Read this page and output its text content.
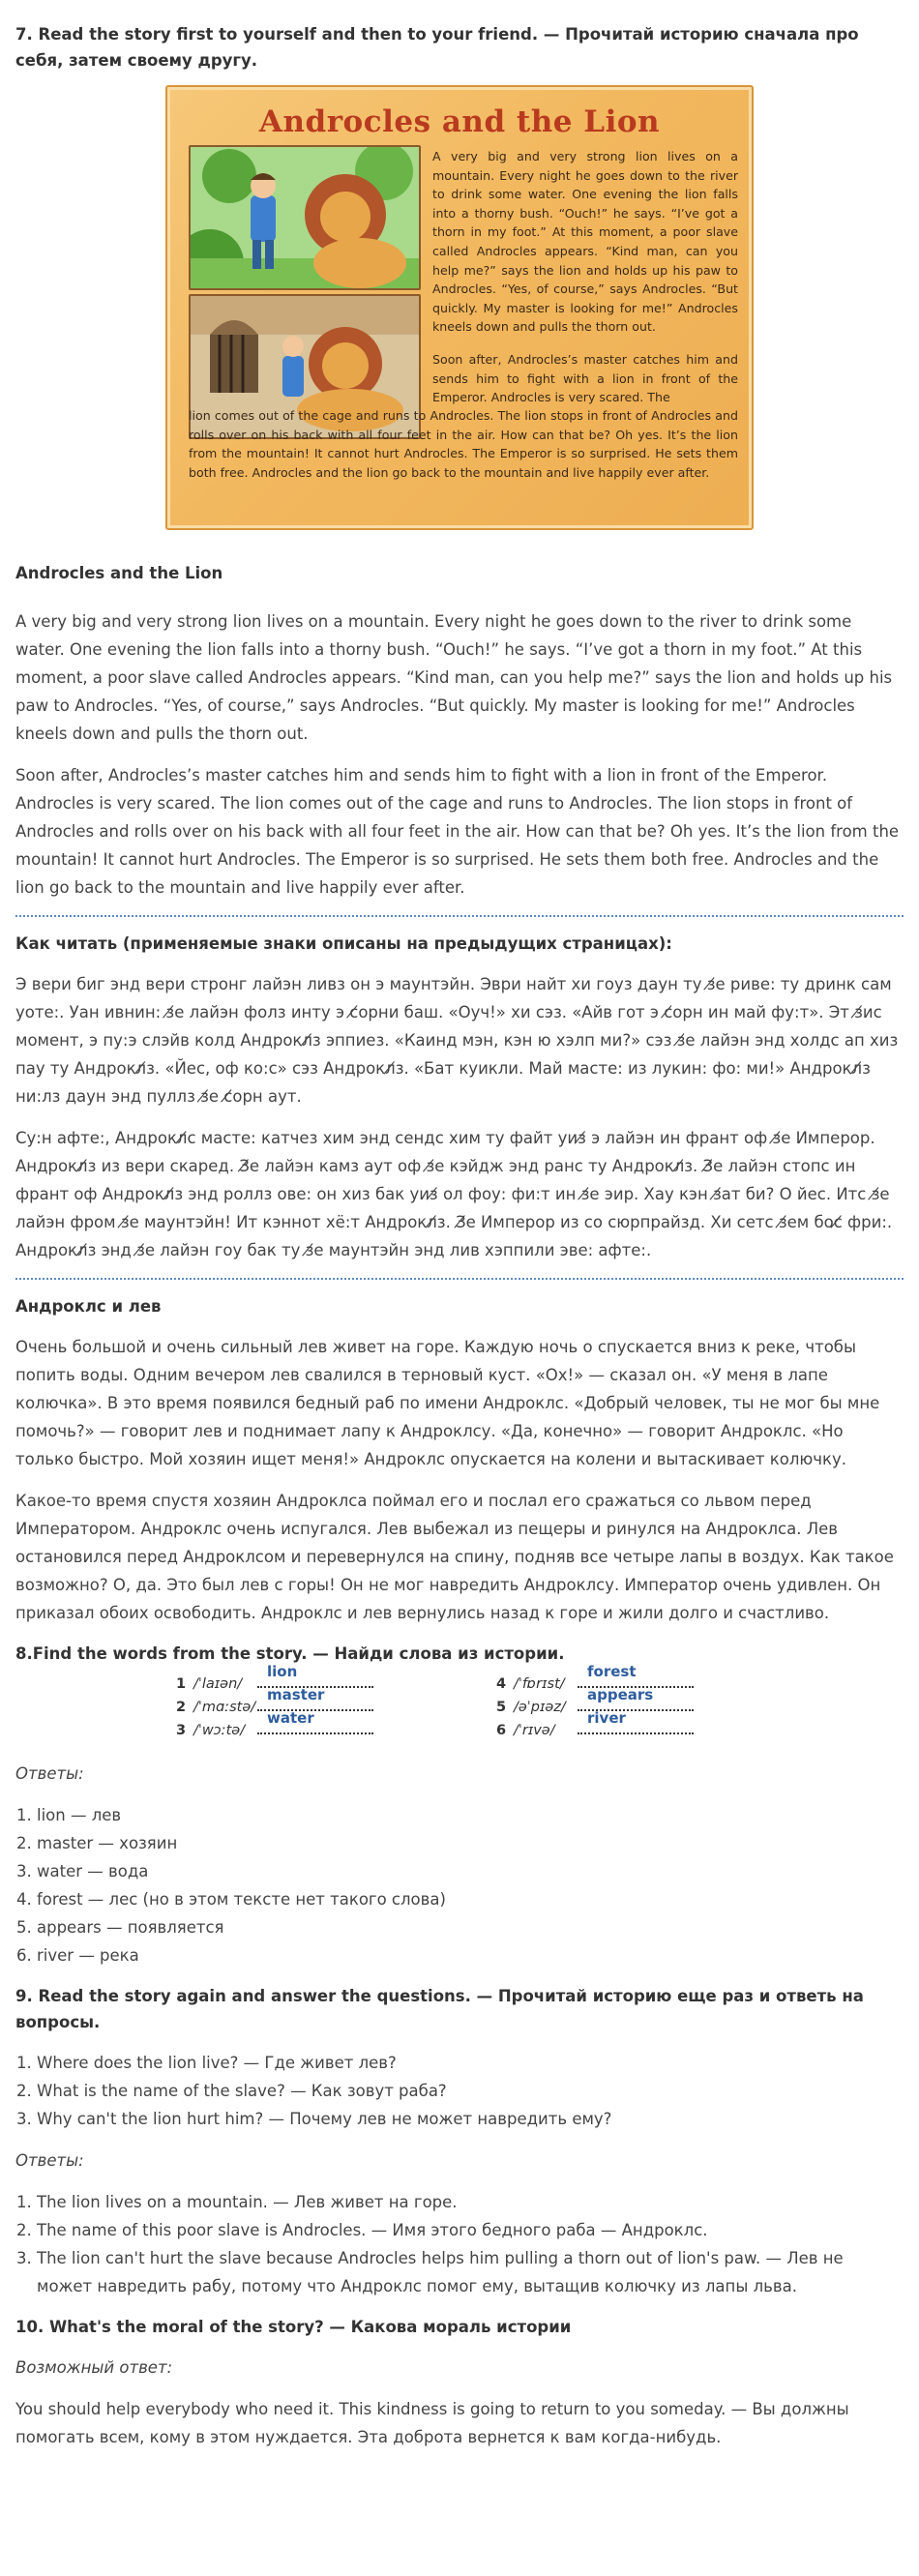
7. Read the story first to yourself and then to your friend. — Прочитай историю сначала про себя, затем своему другу.

Androcles and the Lion
A very big and very strong lion lives on a mountain. Every night he goes down to the river to drink some water. One evening the lion falls into a thorny bush. “Ouch!” he says. “I’ve got a thorn in my foot.” At this moment, a poor slave called Androcles appears. “Kind man, can you help me?” says the lion and holds up his paw to Androcles. “Yes, of course,” says Androcles. “But quickly. My master is looking for me!” Androcles kneels down and pulls the thorn out.
Soon after, Androcles’s master catches him and sends him to fight with a lion in front of the Emperor. Androcles is very scared. The
lion comes out of the cage and runs to Androcles. The lion stops in front of Androcles and rolls over on his back with all four feet in the air. How can that be? Oh yes. It’s the lion from the mountain! It cannot hurt Androcles. The Emperor is so surprised. He sets them both free. Androcles and the lion go back to the mountain and live happily ever after.

Androcles and the Lion

A very big and very strong lion lives on a mountain. Every night he goes down to the river to drink some water. One evening the lion falls into a thorny bush. “Ouch!” he says. “I’ve got a thorn in my foot.” At this moment, a poor slave called Androcles appears. “Kind man, can you help me?” says the lion and holds up his paw to Androcles. “Yes, of course,” says Androcles. “But quickly. My master is looking for me!” Androcles kneels down and pulls the thorn out.

Soon after, Androcles’s master catches him and sends him to fight with a lion in front of the Emperor. Androcles is very scared. The lion comes out of the cage and runs to Androcles. The lion stops in front of Androcles and rolls over on his back with all four feet in the air. How can that be? Oh yes. It’s the lion from the mountain! It cannot hurt Androcles. The Emperor is so surprised. He sets them both free. Androcles and the lion go back to the mountain and live happily ever after.

Как читать (применяемые знаки описаны на предыдущих страницах):

Э вери биг энд вери стронг лайэн ливз он э маунтэйн. Эври найт хи гоуз даун ту з̸е риве: ту дринк сам уоте:. Уан ивнин: з̸е лайэн фолз инту э с̸орни баш. «Оуч!» хи сэз. «Айв гот э с̸орн ин май фу:т». Эт з̸ис момент, э пу:э слэйв колд Андрокл̸з эппиез. «Каинд мэн, кэн ю хэлп ми?» сэз з̸е лайэн энд холдс ап хиз пау ту Андрокл̸з. «Йес, оф ко:с» сэз Андрокл̸з. «Бат куикли. Май масте: из лукин: фо: ми!» Андрокл̸з ни:лз даун энд пуллз з̸е с̸орн аут.

Су:н афте:, Андрокл̸с масте: катчез хим энд сендс хим ту файт уиз̸ э лайэн ин франт оф з̸е Имперор. Андрокл̸з из вери скаред. З̸е лайэн камз аут оф з̸е кэйдж энд ранс ту Андрокл̸з. З̸е лайэн стопс ин франт оф Андрокл̸з энд роллз ове: он хиз бак уиз̸ ол фоу: фи:т ин з̸е эир. Хау кэн з̸ат би? О йес. Итс з̸е лайэн фром з̸е маунтэйн! Ит кэннот хё:т Андрокл̸з. З̸е Имперор из со сюрпрайзд. Хи сетс з̸ем бос̸ фри:. Андрокл̸з энд з̸е лайэн гоу бак ту з̸е маунтэйн энд лив хэппили эве: афте:.

Андроклс и лев

Очень большой и очень сильный лев живет на горе. Каждую ночь о спускается вниз к реке, чтобы попить воды. Одним вечером лев свалился в терновый куст. «Ох!» — сказал он. «У меня в лапе колючка». В это время появился бедный раб по имени Андроклс. «Добрый человек, ты не мог бы мне помочь?» — говорит лев и поднимает лапу к Андроклсу. «Да, конечно» — говорит Андроклс. «Но только быстро. Мой хозяин ищет меня!» Андроклс опускается на колени и вытаскивает колючку.

Какое-то время спустя хозяин Андроклса поймал его и послал его сражаться со львом перед Императором. Андроклс очень испугался. Лев выбежал из пещеры и ринулся на Андроклса. Лев остановился перед Андроклсом и перевернулся на спину, подняв все четыре лапы в воздух. Как такое возможно? О, да. Это был лев с горы! Он не мог навредить Андроклсу. Император очень удивлен. Он приказал обоих освободить. Андроклс и лев вернулись назад к горе и жили долго и счастливо.

8.Find the words from the story. — Найди слова из истории.

1 /ˈlaɪən/
lion
2 /ˈmɑːstə/
master
3 /ˈwɔːtə/
water
4 /ˈfɒrɪst/
forest
5 /əˈpɪəz/
appears
6 /ˈrɪvə/
river

Ответы:

1. lion — лев
2. master — хозяин
3. water — вода
4. forest — лес (но в этом тексте нет такого слова)
5. appears — появляется
6. river — река

9. Read the story again and answer the questions. — Прочитай историю еще раз и ответь на вопросы.

1. Where does the lion live? — Где живет лев?
2. What is the name of the slave? — Как зовут раба?
3. Why can't the lion hurt him? — Почему лев не может навредить ему?

Ответы:

1. The lion lives on a mountain. — Лев живет на горе.
2. The name of this poor slave is Androcles. — Имя этого бедного раба — Андроклс.
3. The lion can't hurt the slave because Androcles helps him pulling a thorn out of lion's paw. — Лев не может навредить рабу, потому что Андроклс помог ему, вытащив колючку из лапы льва.

10. What's the moral of the story? — Какова мораль истории

Возможный ответ:

You should help everybody who need it. This kindness is going to return to you someday. — Вы должны помогать всем, кому в этом нуждается. Эта доброта вернется к вам когда-нибудь.
